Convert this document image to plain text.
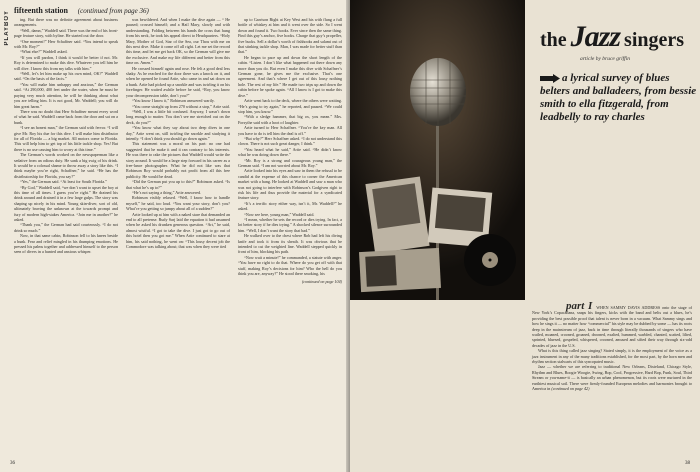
PLAYBOY fifteenth station (continued from page 36)

ing. But there was no definite agreement about business arrangements.

“Well, damn,” Waddell said. There was the end of his front-page feature story, with byline. He started out the door.

“One moment!” Herr Schaffner said. “You intend to speak with Mr. Roy?”

“What else?” Waddell asked.

“If you will pardon, I think it would be better if not. Mr. Roy is determined to make this dive. Whatever you tell him he will dive. I know this from my talks with him.”

“Well, let’s let him make up his own mind, OK?” Waddell said. “On the basis of the facts.”

“You will make him unhappy and anxious,” the German said. “At 290,000, 400 feet under the water, when he must be paying very much attention, he will be thinking about what you are telling him. It is not good, Mr. Waddell; you will do him great harm.”

There was no doubt that Herr Schaffner meant every word of what he said. Waddell came back from the door and sat on a bunk.

“I see an honest man,” the German said with fervor. “I will give Mr. Roy his due for this dive. I will make him distributor for all of Florida — a big market. All motors come to Florida. This will help him to get top of his little tackle shop. Yes! But there is no use causing him to worry at this time.”

The German’s words worked on the newspaperman like a sedative from an odious duty. He sank a big swig of his drink. It would be a colossal shame to throw away a story like this. “I think maybe you’re right, Schaffner,” he said. “He has the distributorship for Florida, you say?”

“Yes,” the German said. “At least for South Florida.”

“By God,” Waddell said, “we don’t want to upset the boy at this time of all times. I guess you’re right.” He drained his drink around and drained it in a few large gulps. The story was shaping up nicely in his mind. Young skin-diver, sort of old, ultimately braving the unknown at the towards prompt and fury of modern high-stakes America. “Join me in another?” he asked.

“Thank you,” the German had said courteously. “I do not drink so much.”

Now, in that same cabin, Robinson fell to his knees beside a bunk. Fear and relief mingled in his thumping emotions. He pressed his palms together and addressed himself to the person seen of divers in a hunted and anxious whisper.

was bewildered. And when I make the dive again — “ He paused; crossed himself; and a Hail Mary, slowly and with understanding. Folding between his hands the cross that hung from his neck, he took his appeal direct to Headquarters. “Holy Mary, Mother of God, Star of the Sea, our Thou with me on this next dive. Make it come off all right. Let me set the record this time, and let me get back OK, so the German will give me the exclusive. And make my life different and better from this time on. Amen.”

He crossed himself again and rose. He felt a good deal less shaky. As he reached for the door there was a knock on it, and when he opened he found Artie, who came in and sat down on a bunk. Artie had picked up a snorkle and was twirling it on his forefinger. He waited awhile before he said, “Roy, you know your decompression table, don’t you?”

“You know I know it,” Robinson answered warily.

“You come straight up from 270 without a stop,” Artie said.

“Well, I was a little bit confused. Anyway, I wasn’t down long enough to matter. You don’t see me stretched out on the deck, do you?”

“You know what they say about two deep dives in one day,” Artie went on, still twirling the snorkle and studying it intently. “I don’t think you should go down again.”

This statement was a moral on his part: no one had suggested that he make it and it ran contrary to his interests. He was there to rake the pictures that Waddell would write the story around. It would be a large step forward in his career as a free-lance photographer. What he did not like was that Robinson Roy would probably not profit from all this free publicity. He would be dead.

“Did the German put you up to this?” Robinson asked. “Is that what he’s up to?”

“He’s not saying a thing,” Artie answered.

Robinson visibly relaxed. “Well, I know how to handle myself,” he said, too loud. “You want your story, don’t you? What’re you getting so jumpy about all of a sudden?”

Artie looked up at him with a naked stare that demanded an end to all pretense. Rudy Sarj laid the equation it had assumed when he asked his drunken generous question. “Art,” he said, almost wistful. “I got to take the dive. I just got to go out of this hotel then you got me.” When Artie continued to stare at him, his said nothing, he went on: “This lousy decent job the Commodore was talking about; that was when they were tied

up to Garrison Bight at Key West and his with flung a full bottle of whiskey at him and it went over the side. So I went down and found it. Two hooks. Ever since then the same thing. Find this guy’s anchor, five hooks. Charge that guy’s propeller, five bucks. Sell a dollar’s worth of fishhooks and salami out of that stinking tackle shop. Man, I was made for better stuff than that.”

He began to pace up and down the short length of the cabin. “Listen. I don’t like what happened out there down any more than you do. But even I make this dive with Schaffner’s German gone, he gives me the exclusive. That’s one agreement. And that’s where I get out of this lousy nothing hole. The rest of my life.” He made two trips up and down the cabin before he spoke again. “All I know is I got to make this dive.”

Artie went back to the deck, where the others were waiting. “He’s going to try again,” he reported, and paused. “We could stop him, you know.”

“With a sledge hammer, that big ox, you mean.” Mrs. Forsythe said with a hoot of laughter.

Artie turned to Herr Schaffner. “You’re the key man. All you have to do is tell him the deal is off.”

“But why?” Herr Schaffner asked. “I do not understand this clown. There is not such great danger, I think.”

“You heard what he said,” Artie said. “He didn’t know what he was doing down there.”

“Mr. Roy is a strong and courageous young man,” the German said. “I am not worried about Mr. Roy.”

Artie looked into his eyes and saw in them the refusal to be candid at the expense of this chance to corner the American market with a bang. He looked at Waddell and saw a man who was not going to interfere with Robinson’s Godgiven right to risk his life and thus provide the material for a syndicated feature story.

“It’s a terrific story either way, isn’t it, Mr. Waddell?” he asked.

“Now see here, young man,” Waddell said.

“I mean, whether he sets the record or dies trying. In fact, a lot better story if he dies trying.” A shocked silence surrounded him. “Well, I don’t want the story that bad.”

He walked over to the chest where Rob had left his diving knife and took it from its sheath. It was obvious that he intended to cut the weighted line. Waddell stepped quickly in front of him, blocking his path.

“Now wait a minute!” he commanded, a statute with anger. “You have no right to do that. Where do you get off with that stuff, making Roy’s decisions for him? Who the hell do you think you are, anyway?” He stood there smoking, his

(continued on page 104)
36
the Jazz singers
article by bruce griffin
a lyrical survey of blues belters and balladeers, from bessie smith to ella fitzgerald, from leadbelly to ray charles

part I WHEN SAMMY DAVIS ADDRESS onto the stage of New York’s Copacabana, snaps his fingers, kicks with the band and belts out a blues, he’s providing the best possible proof that talent is never born in a vacuum. What Sammy sings and how he sings it — no matter how “commercial” his style may be dubbed by some — has its roots deep in the mainstream of jazz, back in time through literally thousands of singers who have wailed, moaned, crooned, groaned, drooned, exalted, hummed, warbled, chanted, scatted, lilted, sprinted, bluesed, gospeled, whispered, crooned, amused and sifted their way through six-odd decades of jazz in the U.S.

What is this thing called jazz singing? Stated simply, it is the employment of the voice as a jazz instrument in any of the many traditions established, for the most part, by the horn men and rhythm section stalwarts of this syncopated music.

Jazz — whether we are referring to traditional New Orleans, Dixieland, Chicago Style, Rhythm and Blues, Boogie Woogie, Swing, Bop, Cool, Progressive, Hard Bop, Funk, Soul, Third Stream or you-name-it — is basically an urban phenomenon, but its roots were nurtured in the earthiest musical soil. There were firmly-founded European melodies and harmonies brought to America in (continued on page 42)

38
